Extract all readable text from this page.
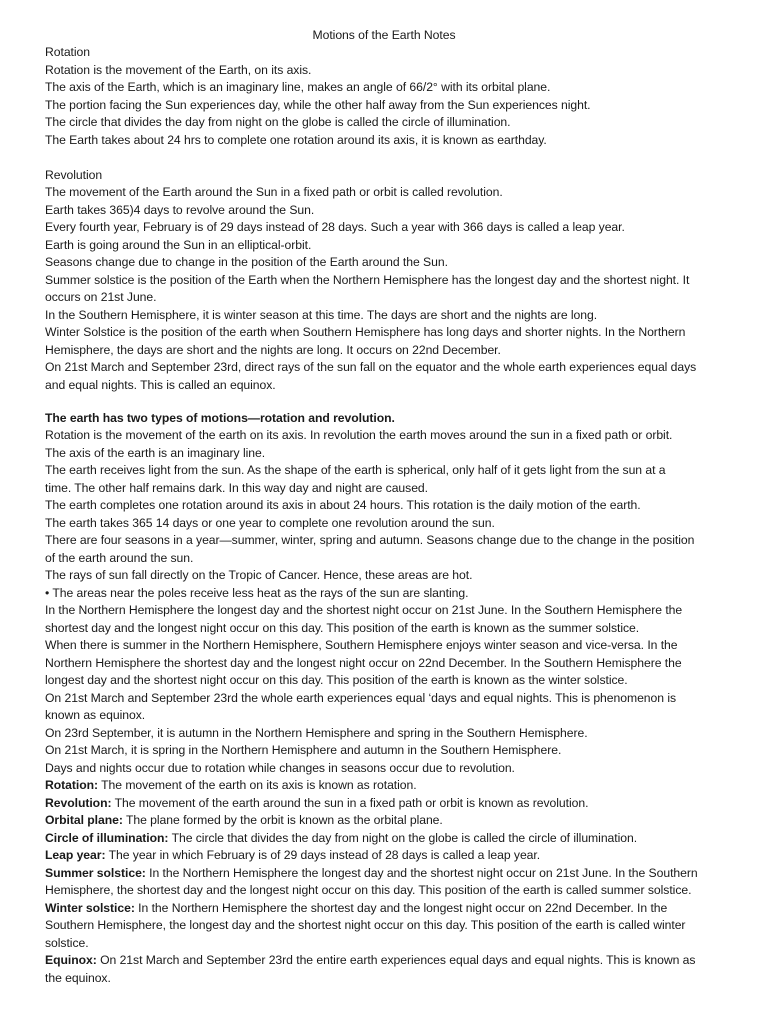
Motions of the Earth Notes
Rotation
Rotation is the movement of the Earth, on its axis.
The axis of the Earth, which is an imaginary line, makes an angle of 66/2° with its orbital plane.
The portion facing the Sun experiences day, while the other half away from the Sun experiences night.
The circle that divides the day from night on the globe is called the circle of illumination.
The Earth takes about 24 hrs to complete one rotation around its axis, it is known as earthday.
Revolution
The movement of the Earth around the Sun in a fixed path or orbit is called revolution.
Earth takes 365)4 days to revolve around the Sun.
Every fourth year, February is of 29 days instead of 28 days. Such a year with 366 days is called a leap year.
Earth is going around the Sun in an elliptical-orbit.
Seasons change due to change in the position of the Earth around the Sun.
Summer solstice is the position of the Earth when the Northern Hemisphere has the longest day and the shortest night. It
occurs on 21st June.
In the Southern Hemisphere, it is winter season at this time. The days are short and the nights are long.
Winter Solstice is the position of the earth when Southern Hemisphere has long days and shorter nights. In the Northern
Hemisphere, the days are short and the nights are long. It occurs on 22nd December.
On 21st March and September 23rd, direct rays of the sun fall on the equator and the whole earth experiences equal days
and equal nights. This is called an equinox.
The earth has two types of motions—rotation and revolution.
Rotation is the movement of the earth on its axis. In revolution the earth moves around the sun in a fixed path or orbit.
The axis of the earth is an imaginary line.
The earth receives light from the sun. As the shape of the earth is spherical, only half of it gets light from the sun at a
time. The other half remains dark. In this way day and night are caused.
The earth completes one rotation around its axis in about 24 hours. This rotation is the daily motion of the earth.
The earth takes 365 14 days or one year to complete one revolution around the sun.
There are four seasons in a year—summer, winter, spring and autumn. Seasons change due to the change in the position
of the earth around the sun.
The rays of sun fall directly on the Tropic of Cancer. Hence, these areas are hot.
• The areas near the poles receive less heat as the rays of the sun are slanting.
In the Northern Hemisphere the longest day and the shortest night occur on 21st June. In the Southern Hemisphere the
shortest day and the longest night occur on this day. This position of the earth is known as the summer solstice.
When there is summer in the Northern Hemisphere, Southern Hemisphere enjoys winter season and vice-versa. In the
Northern Hemisphere the shortest day and the longest night occur on 22nd December. In the Southern Hemisphere the
longest day and the shortest night occur on this day. This position of the earth is known as the winter solstice.
On 21st March and September 23rd the whole earth experiences equal ‘days and equal nights. This is phenomenon is
known as equinox.
On 23rd September, it is autumn in the Northern Hemisphere and spring in the Southern Hemisphere.
On 21st March, it is spring in the Northern Hemisphere and autumn in the Southern Hemisphere.
Days and nights occur due to rotation while changes in seasons occur due to revolution.
Rotation: The movement of the earth on its axis is known as rotation.
Revolution: The movement of the earth around the sun in a fixed path or orbit is known as revolution.
Orbital plane: The plane formed by the orbit is known as the orbital plane.
Circle of illumination: The circle that divides the day from night on the globe is called the circle of illumination.
Leap year: The year in which February is of 29 days instead of 28 days is called a leap year.
Summer solstice: In the Northern Hemisphere the longest day and the shortest night occur on 21st June. In the Southern
Hemisphere, the shortest day and the longest night occur on this day. This position of the earth is called summer solstice.
Winter solstice: In the Northern Hemisphere the shortest day and the longest night occur on 22nd December. In the
Southern Hemisphere, the longest day and the shortest night occur on this day. This position of the earth is called winter
solstice.
Equinox: On 21st March and September 23rd the entire earth experiences equal days and equal nights. This is known as
the equinox.
